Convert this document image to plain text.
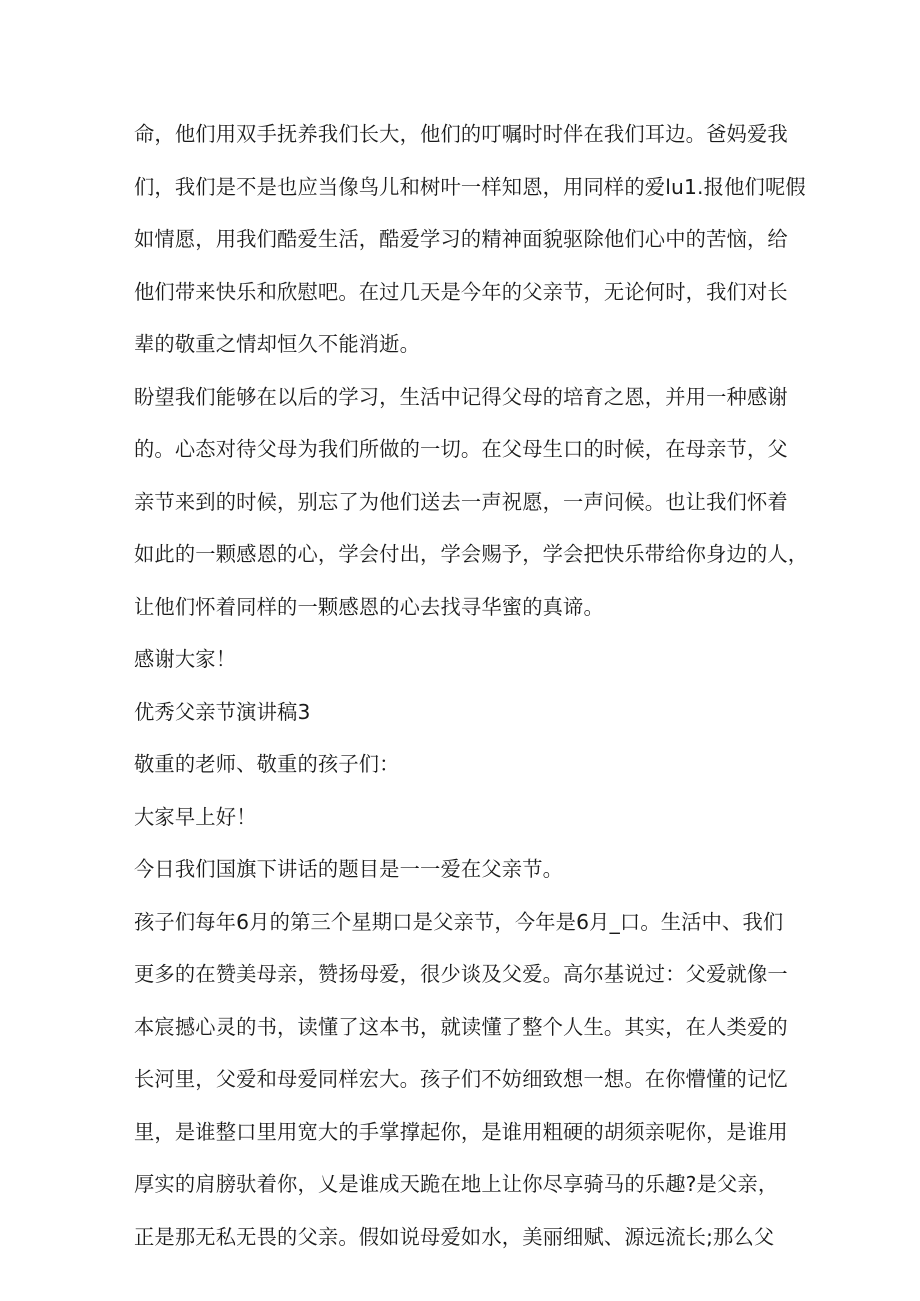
命，他们用双手抚养我们长大，他们的叮嘱时时伴在我们耳边。爸妈爱我
们，我们是不是也应当像鸟儿和树叶一样知恩，用同样的爱lu1.报他们呢假
如情愿，用我们酷爱生活，酷爱学习的精神面貌驱除他们心中的苦恼，给
他们带来快乐和欣慰吧。在过几天是今年的父亲节，无论何时，我们对长
辈的敬重之情却恒久不能消逝。
盼望我们能够在以后的学习，生活中记得父母的培育之恩，并用一种感谢
的。心态对待父母为我们所做的一切。在父母生口的时候，在母亲节，父
亲节来到的时候，别忘了为他们送去一声祝愿，一声问候。也让我们怀着
如此的一颗感恩的心，学会付出，学会赐予，学会把快乐带给你身边的人，
让他们怀着同样的一颗感恩的心去找寻华蜜的真谛。
感谢大家！
优秀父亲节演讲稿3
敬重的老师、敬重的孩子们：
大家早上好！
今日我们国旗下讲话的题目是一一爱在父亲节。
孩子们每年6月的第三个星期口是父亲节，今年是6月_口。生活中、我们
更多的在赞美母亲，赞扬母爱，很少谈及父爱。高尔基说过：父爱就像一
本宸撼心灵的书，读懂了这本书，就读懂了整个人生。其实，在人类爱的
长河里，父爱和母爱同样宏大。孩子们不妨细致想一想。在你懵懂的记忆
里，是谁整口里用宽大的手掌撑起你，是谁用粗硬的胡须亲呢你，是谁用
厚实的肩膀驮着你，乂是谁成天跪在地上让你尽享骑马的乐趣?是父亲，
正是那无私无畏的父亲。假如说母爱如水，美丽细赋、源远流长;那么父
